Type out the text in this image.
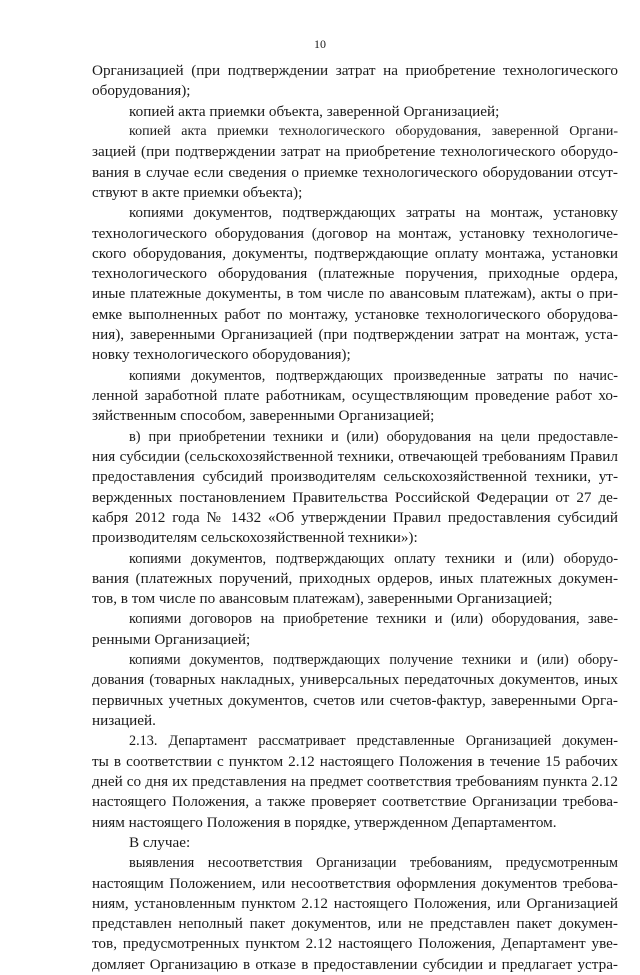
10
Организацией (при подтверждении затрат на приобретение технологического
оборудования);
копией акта приемки объекта, заверенной Организацией;
копией акта приемки технологического оборудования, заверенной Органи-
зацией (при подтверждении затрат на приобретение технологического оборудо-
вания в случае если сведения о приемке технологического оборудовании отсут-
ствуют в акте приемки объекта);
копиями документов, подтверждающих затраты на монтаж, установку
технологического оборудования (договор на монтаж, установку технологиче-
ского оборудования, документы, подтверждающие оплату монтажа, установки
технологического оборудования (платежные поручения, приходные ордера,
иные платежные документы, в том числе по авансовым платежам), акты о при-
емке выполненных работ по монтажу, установке технологического оборудова-
ния), заверенными Организацией (при подтверждении затрат на монтаж, уста-
новку технологического оборудования);
копиями документов, подтверждающих произведенные затраты по начис-
ленной заработной плате работникам, осуществляющим проведение работ хо-
зяйственным способом, заверенными Организацией;
в) при приобретении техники и (или) оборудования на цели предоставле-
ния субсидии (сельскохозяйственной техники, отвечающей требованиям Правил
предоставления субсидий производителям сельскохозяйственной техники, ут-
вержденных постановлением Правительства Российской Федерации от 27 де-
кабря 2012 года № 1432 «Об утверждении Правил предоставления субсидий
производителям сельскохозяйственной техники»):
копиями документов, подтверждающих оплату техники и (или) оборудо-
вания (платежных поручений, приходных ордеров, иных платежных докумен-
тов, в том числе по авансовым платежам), заверенными Организацией;
копиями договоров на приобретение техники и (или) оборудования, заве-
ренными Организацией;
копиями документов, подтверждающих получение техники и (или) обору-
дования (товарных накладных, универсальных передаточных документов, иных
первичных учетных документов, счетов или счетов-фактур, заверенными Орга-
низацией.
2.13. Департамент рассматривает представленные Организацией докумен-
ты в соответствии с пунктом 2.12 настоящего Положения в течение 15 рабочих
дней со дня их представления на предмет соответствия требованиям пункта 2.12
настоящего Положения, а также проверяет соответствие Организации требова-
ниям настоящего Положения в порядке, утвержденном Департаментом.
В случае:
выявления несоответствия Организации требованиям, предусмотренным
настоящим Положением, или несоответствия оформления документов требова-
ниям, установленным пунктом 2.12 настоящего Положения, или Организацией
представлен неполный пакет документов, или не представлен пакет докумен-
тов, предусмотренных пунктом 2.12 настоящего Положения, Департамент уве-
домляет Организацию в отказе в предоставлении субсидии и предлагает устра-
